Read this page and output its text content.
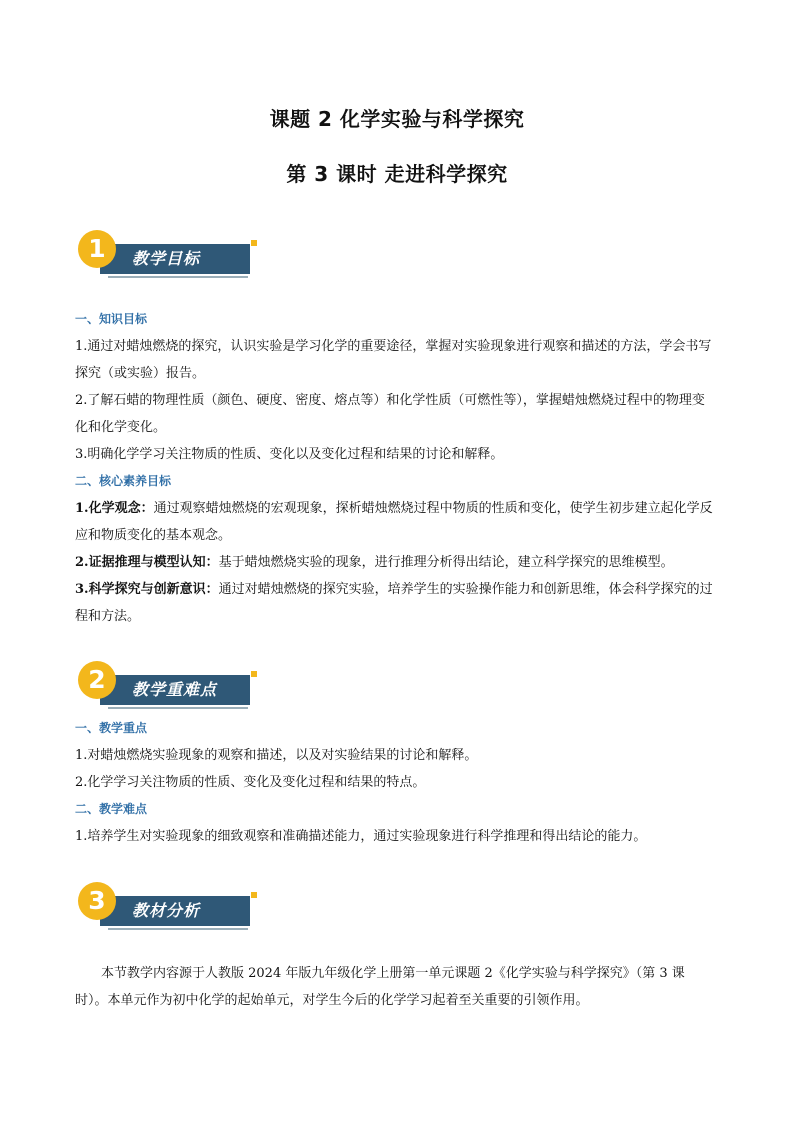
课题 2 化学实验与科学探究
第 3 课时 走进科学探究
1	教学目标

一、知识目标

1.通过对蜡烛燃烧的探究，认识实验是学习化学的重要途径，掌握对实验现象进行观察和描述的方法，学会书写探究（或实验）报告。

2.了解石蜡的物理性质（颜色、硬度、密度、熔点等）和化学性质（可燃性等），掌握蜡烛燃烧过程中的物理变化和化学变化。

3.明确化学学习关注物质的性质、变化以及变化过程和结果的讨论和解释。

二、核心素养目标

1.化学观念：通过观察蜡烛燃烧的宏观现象，探析蜡烛燃烧过程中物质的性质和变化，使学生初步建立起化学反应和物质变化的基本观念。

2.证据推理与模型认知：基于蜡烛燃烧实验的现象，进行推理分析得出结论，建立科学探究的思维模型。

3.科学探究与创新意识：通过对蜡烛燃烧的探究实验，培养学生的实验操作能力和创新思维，体会科学探究的过程和方法。

2	教学重难点

一、教学重点

1.对蜡烛燃烧实验现象的观察和描述，以及对实验结果的讨论和解释。

2.化学学习关注物质的性质、变化及变化过程和结果的特点。

二、教学难点

1.培养学生对实验现象的细致观察和准确描述能力，通过实验现象进行科学推理和得出结论的能力。

3	教材分析

本节教学内容源于人教版 2024 年版九年级化学上册第一单元课题 2《化学实验与科学探究》（第 3 课时）。本单元作为初中化学的起始单元，对学生今后的化学学习起着至关重要的引领作用。
